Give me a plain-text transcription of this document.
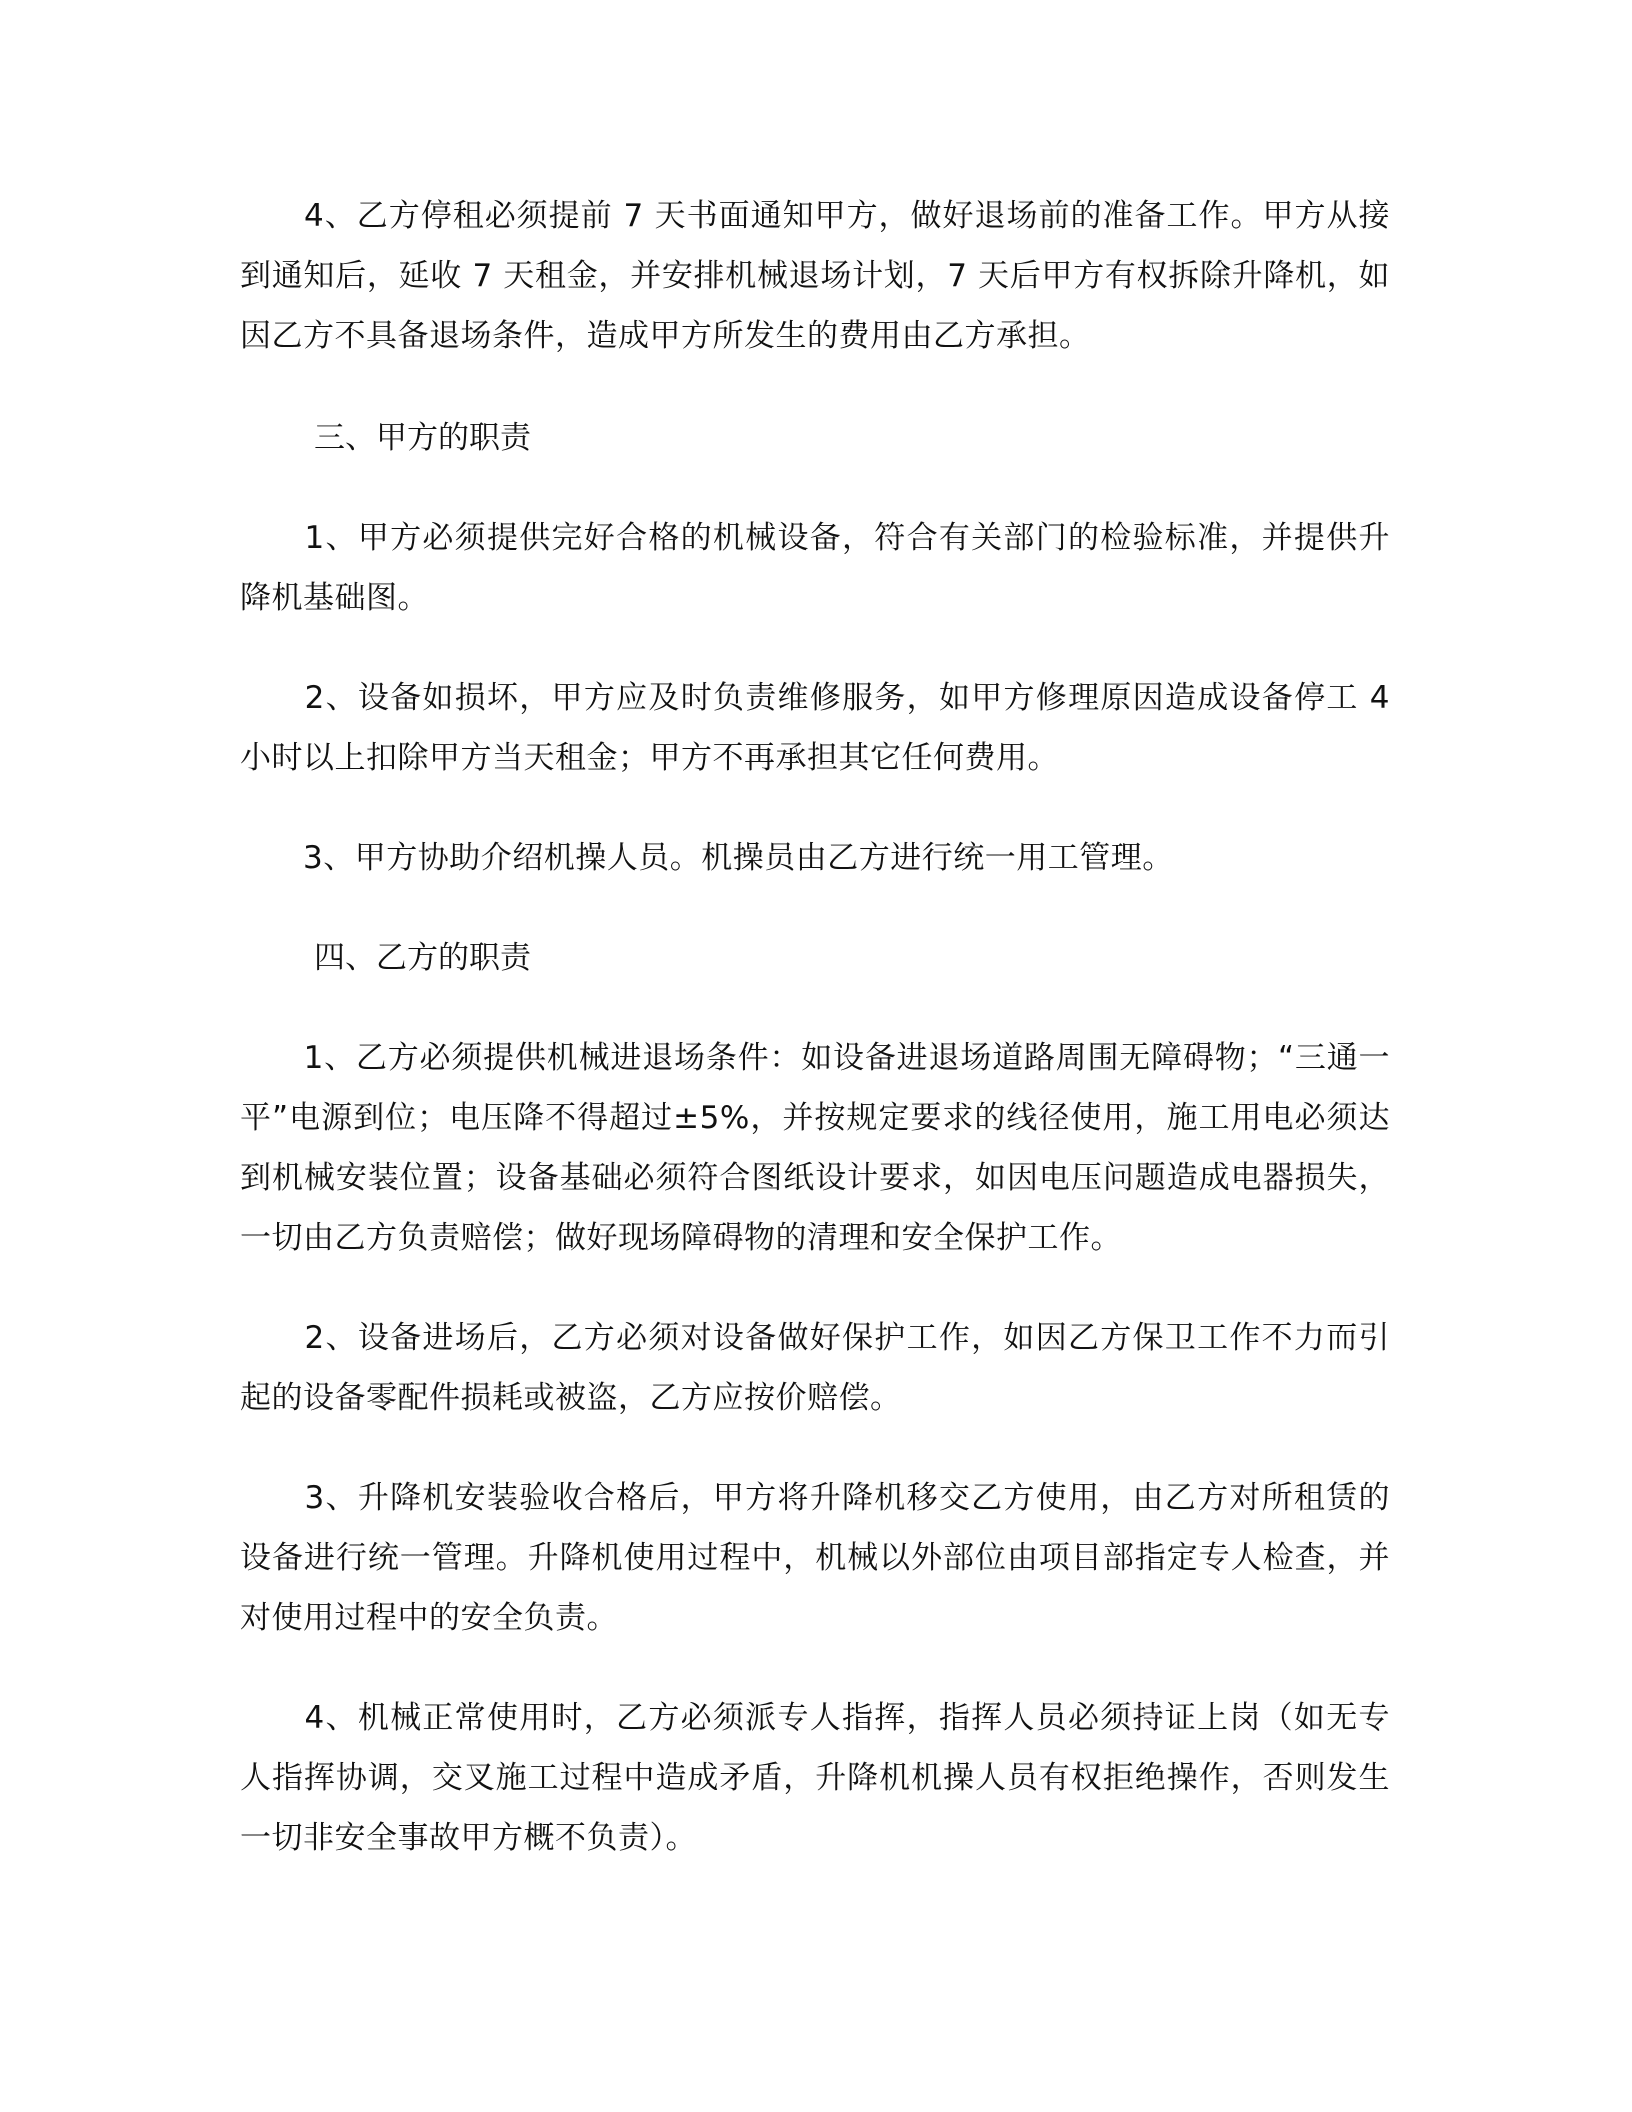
　　4、乙方停租必须提前 7 天书面通知甲方，做好退场前的准备工作。甲方从接到通知后，延收 7 天租金，并安排机械退场计划，7 天后甲方有权拆除升降机，如因乙方不具备退场条件，造成甲方所发生的费用由乙方承担。

三、甲方的职责

　　1、甲方必须提供完好合格的机械设备，符合有关部门的检验标准，并提供升降机基础图。

　　2、设备如损坏，甲方应及时负责维修服务，如甲方修理原因造成设备停工 4 小时以上扣除甲方当天租金；甲方不再承担其它任何费用。

　　3、甲方协助介绍机操人员。机操员由乙方进行统一用工管理。

四、乙方的职责

　　1、乙方必须提供机械进退场条件：如设备进退场道路周围无障碍物；“三通一平”电源到位；电压降不得超过±5%，并按规定要求的线径使用，施工用电必须达到机械安装位置；设备基础必须符合图纸设计要求，如因电压问题造成电器损失，一切由乙方负责赔偿；做好现场障碍物的清理和安全保护工作。

　　2、设备进场后，乙方必须对设备做好保护工作，如因乙方保卫工作不力而引起的设备零配件损耗或被盗，乙方应按价赔偿。

　　3、升降机安装验收合格后，甲方将升降机移交乙方使用，由乙方对所租赁的设备进行统一管理。升降机使用过程中，机械以外部位由项目部指定专人检查，并对使用过程中的安全负责。

　　4、机械正常使用时，乙方必须派专人指挥，指挥人员必须持证上岗（如无专人指挥协调，交叉施工过程中造成矛盾，升降机机操人员有权拒绝操作，否则发生一切非安全事故甲方概不负责）。
